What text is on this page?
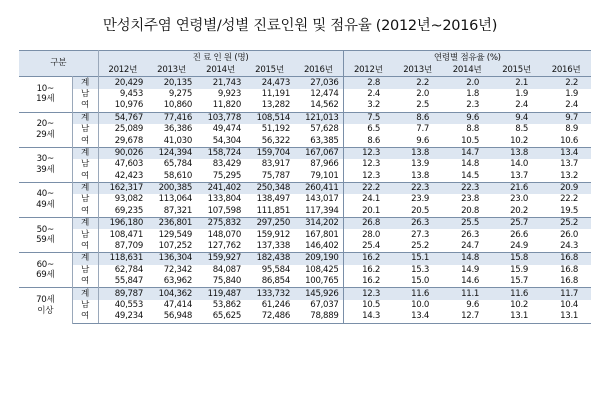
만성치주염 연령별/성별 진료인원 및 점유율 (2012년~2016년)
구분		진 료 인 원 (명)					연령별 점유율 (%)				
		2012년	2013년	2014년	2015년	2016년	2012년	2013년	2014년	2015년	2016년
10~
19세	계	20,429	20,135	21,743	24,473	27,036	2.8	2.2	2.0	2.1	2.2
	남	9,453	9,275	9,923	11,191	12,474	2.4	2.0	1.8	1.9	1.9
	여	10,976	10,860	11,820	13,282	14,562	3.2	2.5	2.3	2.4	2.4
20~
29세	계	54,767	77,416	103,778	108,514	121,013	7.5	8.6	9.6	9.4	9.7
	남	25,089	36,386	49,474	51,192	57,628	6.5	7.7	8.8	8.5	8.9
	여	29,678	41,030	54,304	56,322	63,385	8.6	9.6	10.5	10.2	10.6
30~
39세	계	90,026	124,394	158,724	159,704	167,067	12.3	13.8	14.7	13.8	13.4
	남	47,603	65,784	83,429	83,917	87,966	12.3	13.9	14.8	14.0	13.7
	여	42,423	58,610	75,295	75,787	79,101	12.3	13.8	14.5	13.7	13.2
40~
49세	계	162,317	200,385	241,402	250,348	260,411	22.2	22.3	22.3	21.6	20.9
	남	93,082	113,064	133,804	138,497	143,017	24.1	23.9	23.8	23.0	22.2
	여	69,235	87,321	107,598	111,851	117,394	20.1	20.5	20.8	20.2	19.5
50~
59세	계	196,180	236,801	275,832	297,250	314,202	26.8	26.3	25.5	25.7	25.2
	남	108,471	129,549	148,070	159,912	167,801	28.0	27.3	26.3	26.6	26.0
	여	87,709	107,252	127,762	137,338	146,402	25.4	25.2	24.7	24.9	24.3
60~
69세	계	118,631	136,304	159,927	182,438	209,190	16.2	15.1	14.8	15.8	16.8
	남	62,784	72,342	84,087	95,584	108,425	16.2	15.3	14.9	15.9	16.8
	여	55,847	63,962	75,840	86,854	100,765	16.2	15.0	14.6	15.7	16.8
70세
이상	계	89,787	104,362	119,487	133,732	145,926	12.3	11.6	11.1	11.6	11.7
	남	40,553	47,414	53,862	61,246	67,037	10.5	10.0	9.6	10.2	10.4
	여	49,234	56,948	65,625	72,486	78,889	14.3	13.4	12.7	13.1	13.1
